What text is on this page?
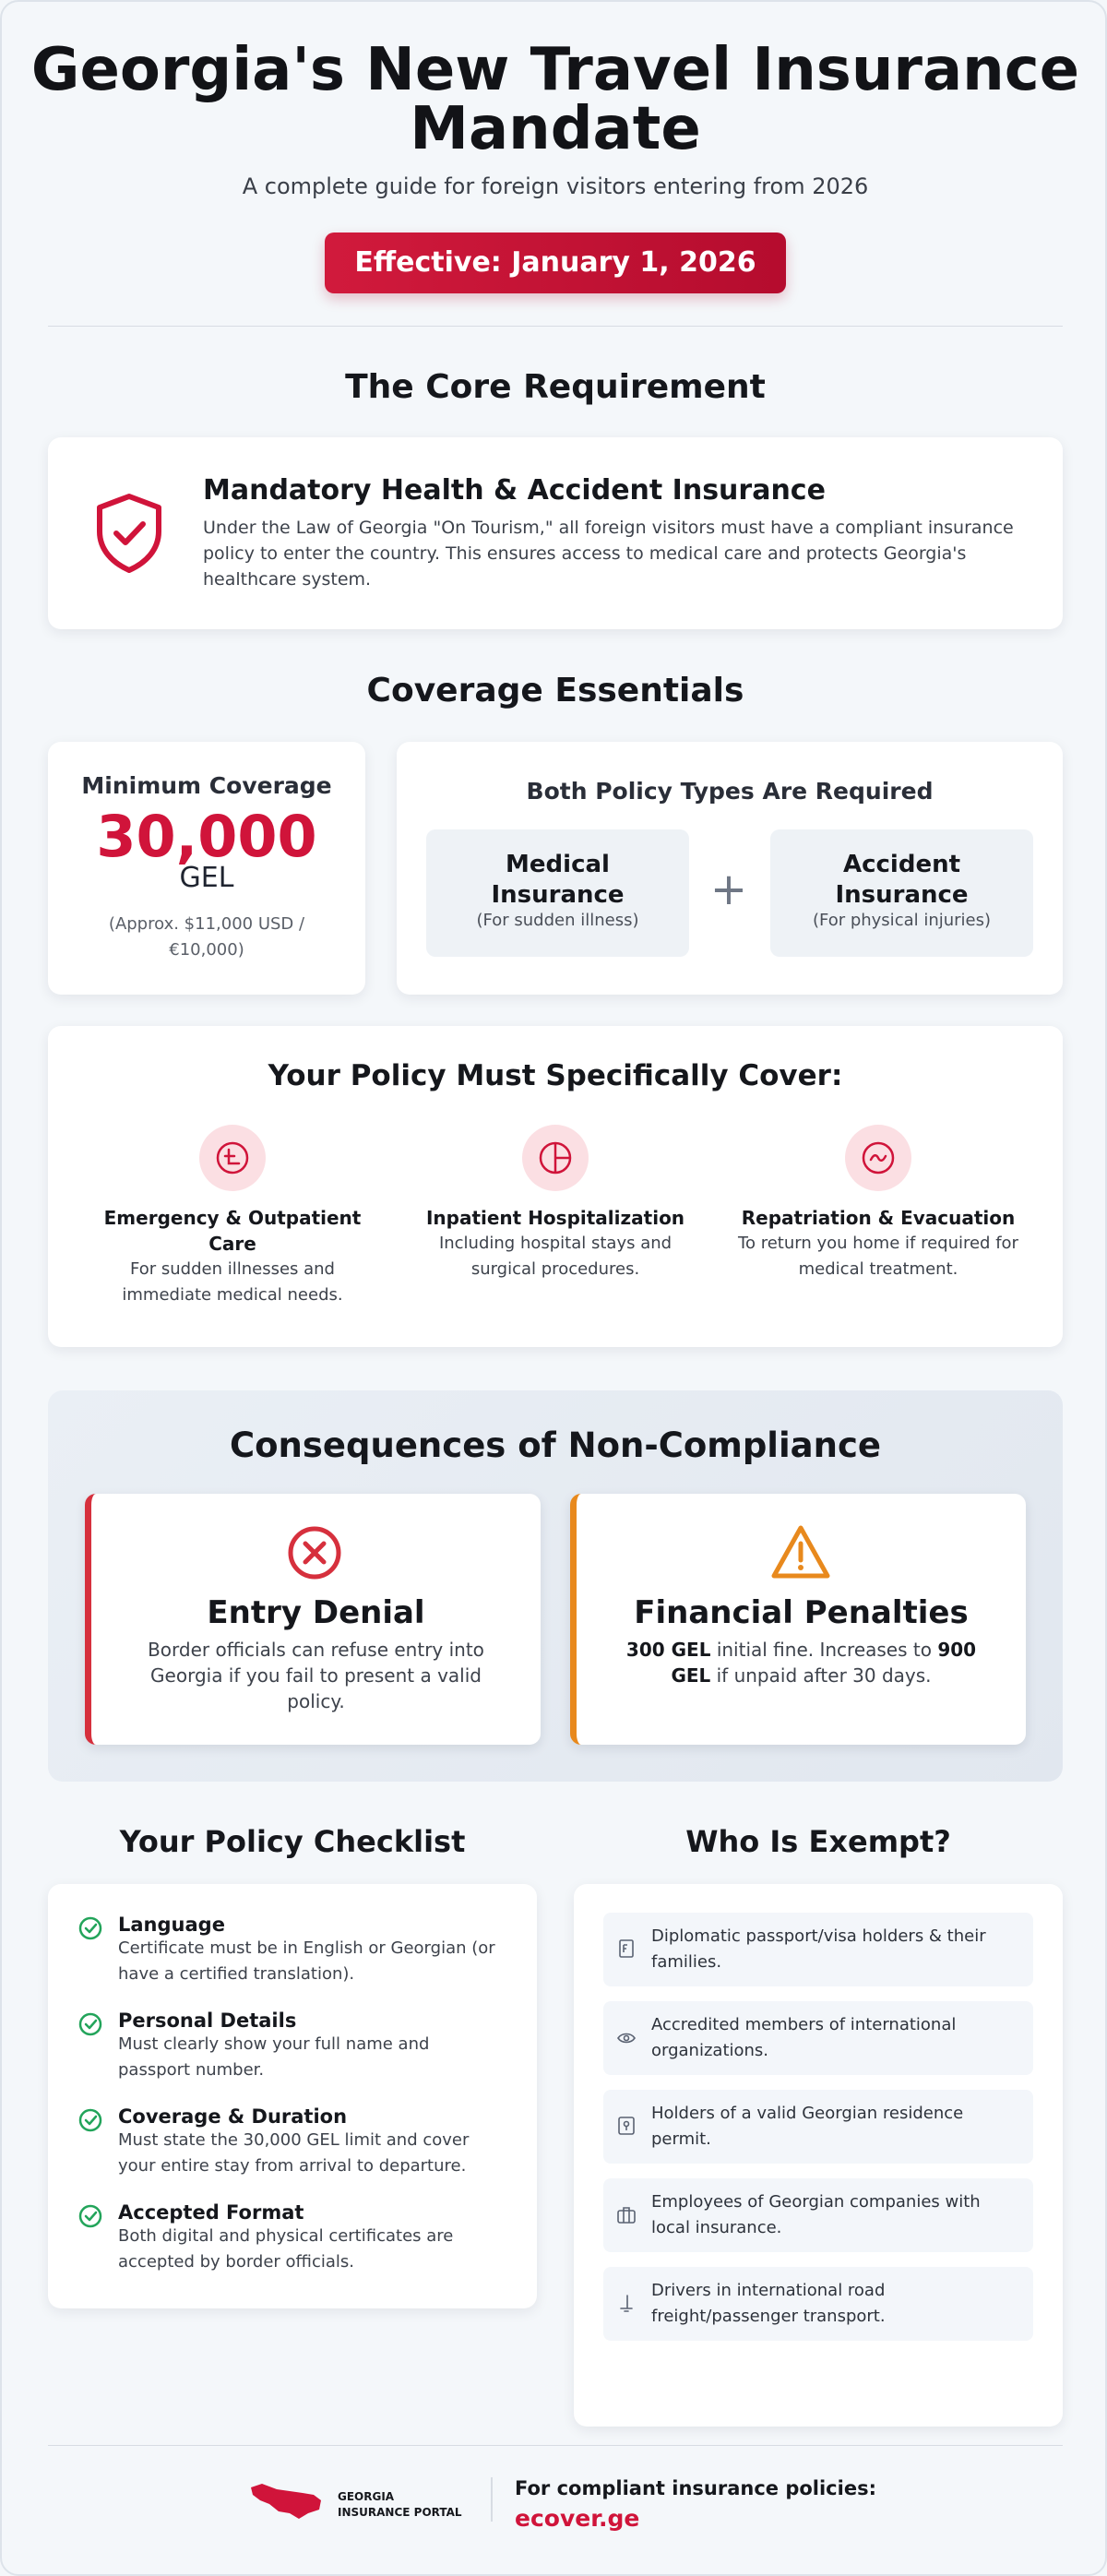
Georgia's New Travel Insurance
Mandate
A complete guide for foreign visitors entering from 2026
Effective: January 1, 2026
The Core Requirement
Mandatory Health & Accident Insurance
Under the Law of Georgia "On Tourism," all foreign visitors must have a compliant insurance policy to enter the country. This ensures access to medical care and protects Georgia's healthcare system.
Coverage Essentials
Minimum Coverage
30,000
GEL
(Approx. $11,000 USD / €10,000)
Both Policy Types Are Required
Medical
Insurance
(For sudden illness)
+	Accident
Insurance
(For physical injuries)
Your Policy Must Specifically Cover:
Emergency & Outpatient
Care
For sudden illnesses and
immediate medical needs.
Inpatient Hospitalization
Including hospital stays and
surgical procedures.
Repatriation & Evacuation
To return you home if required for
medical treatment.
Consequences of Non-Compliance
Entry Denial
Border officials can refuse entry into
Georgia if you fail to present a valid
policy.
Financial Penalties
300 GEL initial fine. Increases to 900
GEL if unpaid after 30 days.
Your Policy Checklist
Language
Certificate must be in English or Georgian (or
have a certified translation).
Personal Details
Must clearly show your full name and
passport number.
Coverage & Duration
Must state the 30,000 GEL limit and cover
your entire stay from arrival to departure.
Accepted Format
Both digital and physical certificates are
accepted by border officials.
Who Is Exempt?
Diplomatic passport/visa holders & their
families.
Accredited members of international
organizations.
Holders of a valid Georgian residence
permit.
Employees of Georgian companies with
local insurance.
Drivers in international road
freight/passenger transport.
GEORGIA
INSURANCE PORTAL
For compliant insurance policies:
ecover.ge
